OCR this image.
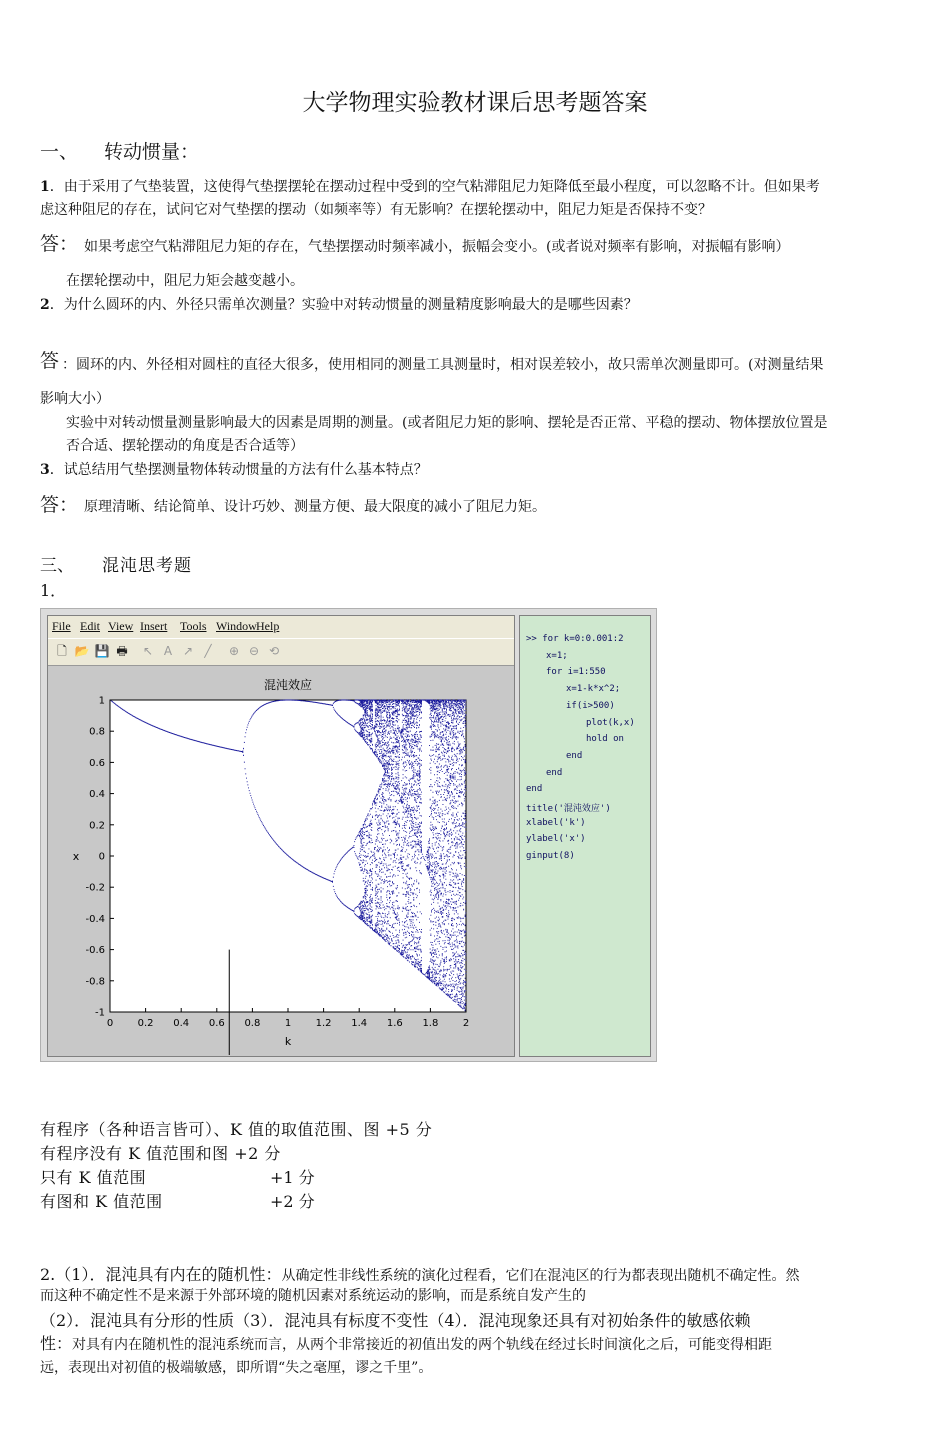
大学物理实验教材课后思考题答案
一、 转动惯量：
1．由于采用了气垫装置，这使得气垫摆摆轮在摆动过程中受到的空气粘滞阻尼力矩降低至最小程度，可以忽略不计。但如果考
虑这种阻尼的存在，试问它对气垫摆的摆动（如频率等）有无影响？在摆轮摆动中，阻尼力矩是否保持不变？
答： 如果考虑空气粘滞阻尼力矩的存在，气垫摆摆动时频率减小，振幅会变小。(或者说对频率有影响，对振幅有影响）
在摆轮摆动中，阻尼力矩会越变越小。
2．为什么圆环的内、外径只需单次测量？实验中对转动惯量的测量精度影响最大的是哪些因素？
答 ：圆环的内、外径相对圆柱的直径大很多，使用相同的测量工具测量时，相对误差较小，故只需单次测量即可。(对测量结果
影响大小）
实验中对转动惯量测量影响最大的因素是周期的测量。(或者阻尼力矩的影响、摆轮是否正常、平稳的摆动、物体摆放位置是
否合适、摆轮摆动的角度是否合适等）
3．试总结用气垫摆测量物体转动惯量的方法有什么基本特点？
答： 原理清晰、结论简单、设计巧妙、测量方便、最大限度的减小了阻尼力矩。
三、 混沌思考题
1．
File Edit View Insert Tools Window Help
🗋 📂 💾 🖶 ↖ A ↗ ╱	⊕ ⊖ ⟲
0 0.2 0.4 0.6 0.8 1 1.2 1.4 1.6 1.8 2
1
0.8
0.6
0.4
0.2
0
-0.2
-0.4
-0.6
-0.8
-1
混沌效应
k
x
>> for k=0:0.001:2
x=1;
for i=1:550
x=1-k*x^2;
if(i>500)
plot(k,x)
hold on
end
end
end
title('混沌效应')
xlabel('k')
ylabel('x')
ginput(8)
有程序（各种语言皆可）、K 值的取值范围、图 +5 分
有程序没有 K 值范围和图 +2 分
只有 K 值范围	+1 分
有图和 K 值范围	+2 分
2.（1）．混沌具有内在的随机性：从确定性非线性系统的演化过程看，它们在混沌区的行为都表现出随机不确定性。然
而这种不确定性不是来源于外部环境的随机因素对系统运动的影响，而是系统自发产生的
（2）．混沌具有分形的性质（3）．混沌具有标度不变性（4）．混沌现象还具有对初始条件的敏感依赖
性：对具有内在随机性的混沌系统而言，从两个非常接近的初值出发的两个轨线在经过长时间演化之后，可能变得相距
远，表现出对初值的极端敏感，即所谓“失之毫厘，谬之千里”。
